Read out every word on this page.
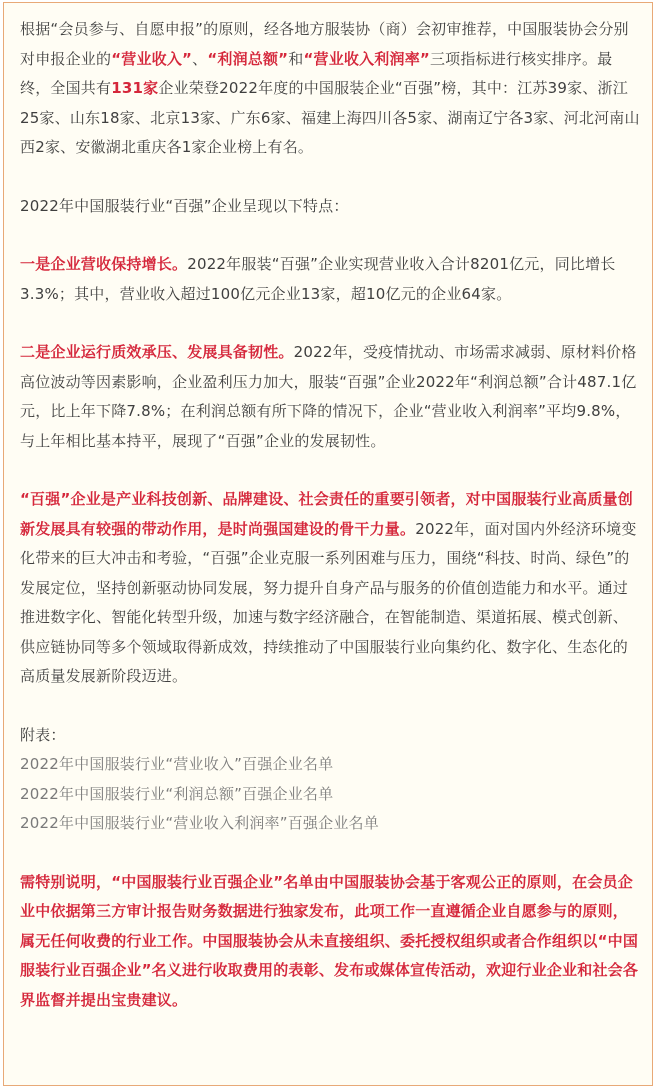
根据“会员参与、自愿申报”的原则，经各地方服装协（商）会初审推荐，中国服装协会分别对申报企业的“营业收入”、“利润总额”和“营业收入利润率”三项指标进行核实排序。最终，全国共有131家企业荣登2022年度的中国服装企业“百强”榜，其中：江苏39家、浙江25家、山东18家、北京13家、广东6家、福建上海四川各5家、湖南辽宁各3家、河北河南山西2家、安徽湖北重庆各1家企业榜上有名。

2022年中国服装行业“百强”企业呈现以下特点：

一是企业营收保持增长。2022年服装“百强”企业实现营业收入合计8201亿元，同比增长3.3%；其中，营业收入超过100亿元企业13家，超10亿元的企业64家。

二是企业运行质效承压、发展具备韧性。2022年，受疫情扰动、市场需求减弱、原材料价格高位波动等因素影响，企业盈利压力加大，服装“百强”企业2022年“利润总额”合计487.1亿元，比上年下降7.8%；在利润总额有所下降的情况下，企业“营业收入利润率”平均9.8%，与上年相比基本持平，展现了“百强”企业的发展韧性。

“百强”企业是产业科技创新、品牌建设、社会责任的重要引领者，对中国服装行业高质量创新发展具有较强的带动作用，是时尚强国建设的骨干力量。2022年，面对国内外经济环境变化带来的巨大冲击和考验，“百强”企业克服一系列困难与压力，围绕“科技、时尚、绿色”的发展定位，坚持创新驱动协同发展，努力提升自身产品与服务的价值创造能力和水平。通过推进数字化、智能化转型升级，加速与数字经济融合，在智能制造、渠道拓展、模式创新、供应链协同等多个领域取得新成效，持续推动了中国服装行业向集约化、数字化、生态化的高质量发展新阶段迈进。

附表：

2022年中国服装行业“营业收入”百强企业名单

2022年中国服装行业“利润总额”百强企业名单

2022年中国服装行业“营业收入利润率”百强企业名单

需特别说明，“中国服装行业百强企业”名单由中国服装协会基于客观公正的原则，在会员企业中依据第三方审计报告财务数据进行独家发布，此项工作一直遵循企业自愿参与的原则，属无任何收费的行业工作。中国服装协会从未直接组织、委托授权组织或者合作组织以“中国服装行业百强企业”名义进行收取费用的表彰、发布或媒体宣传活动，欢迎行业企业和社会各界监督并提出宝贵建议。
